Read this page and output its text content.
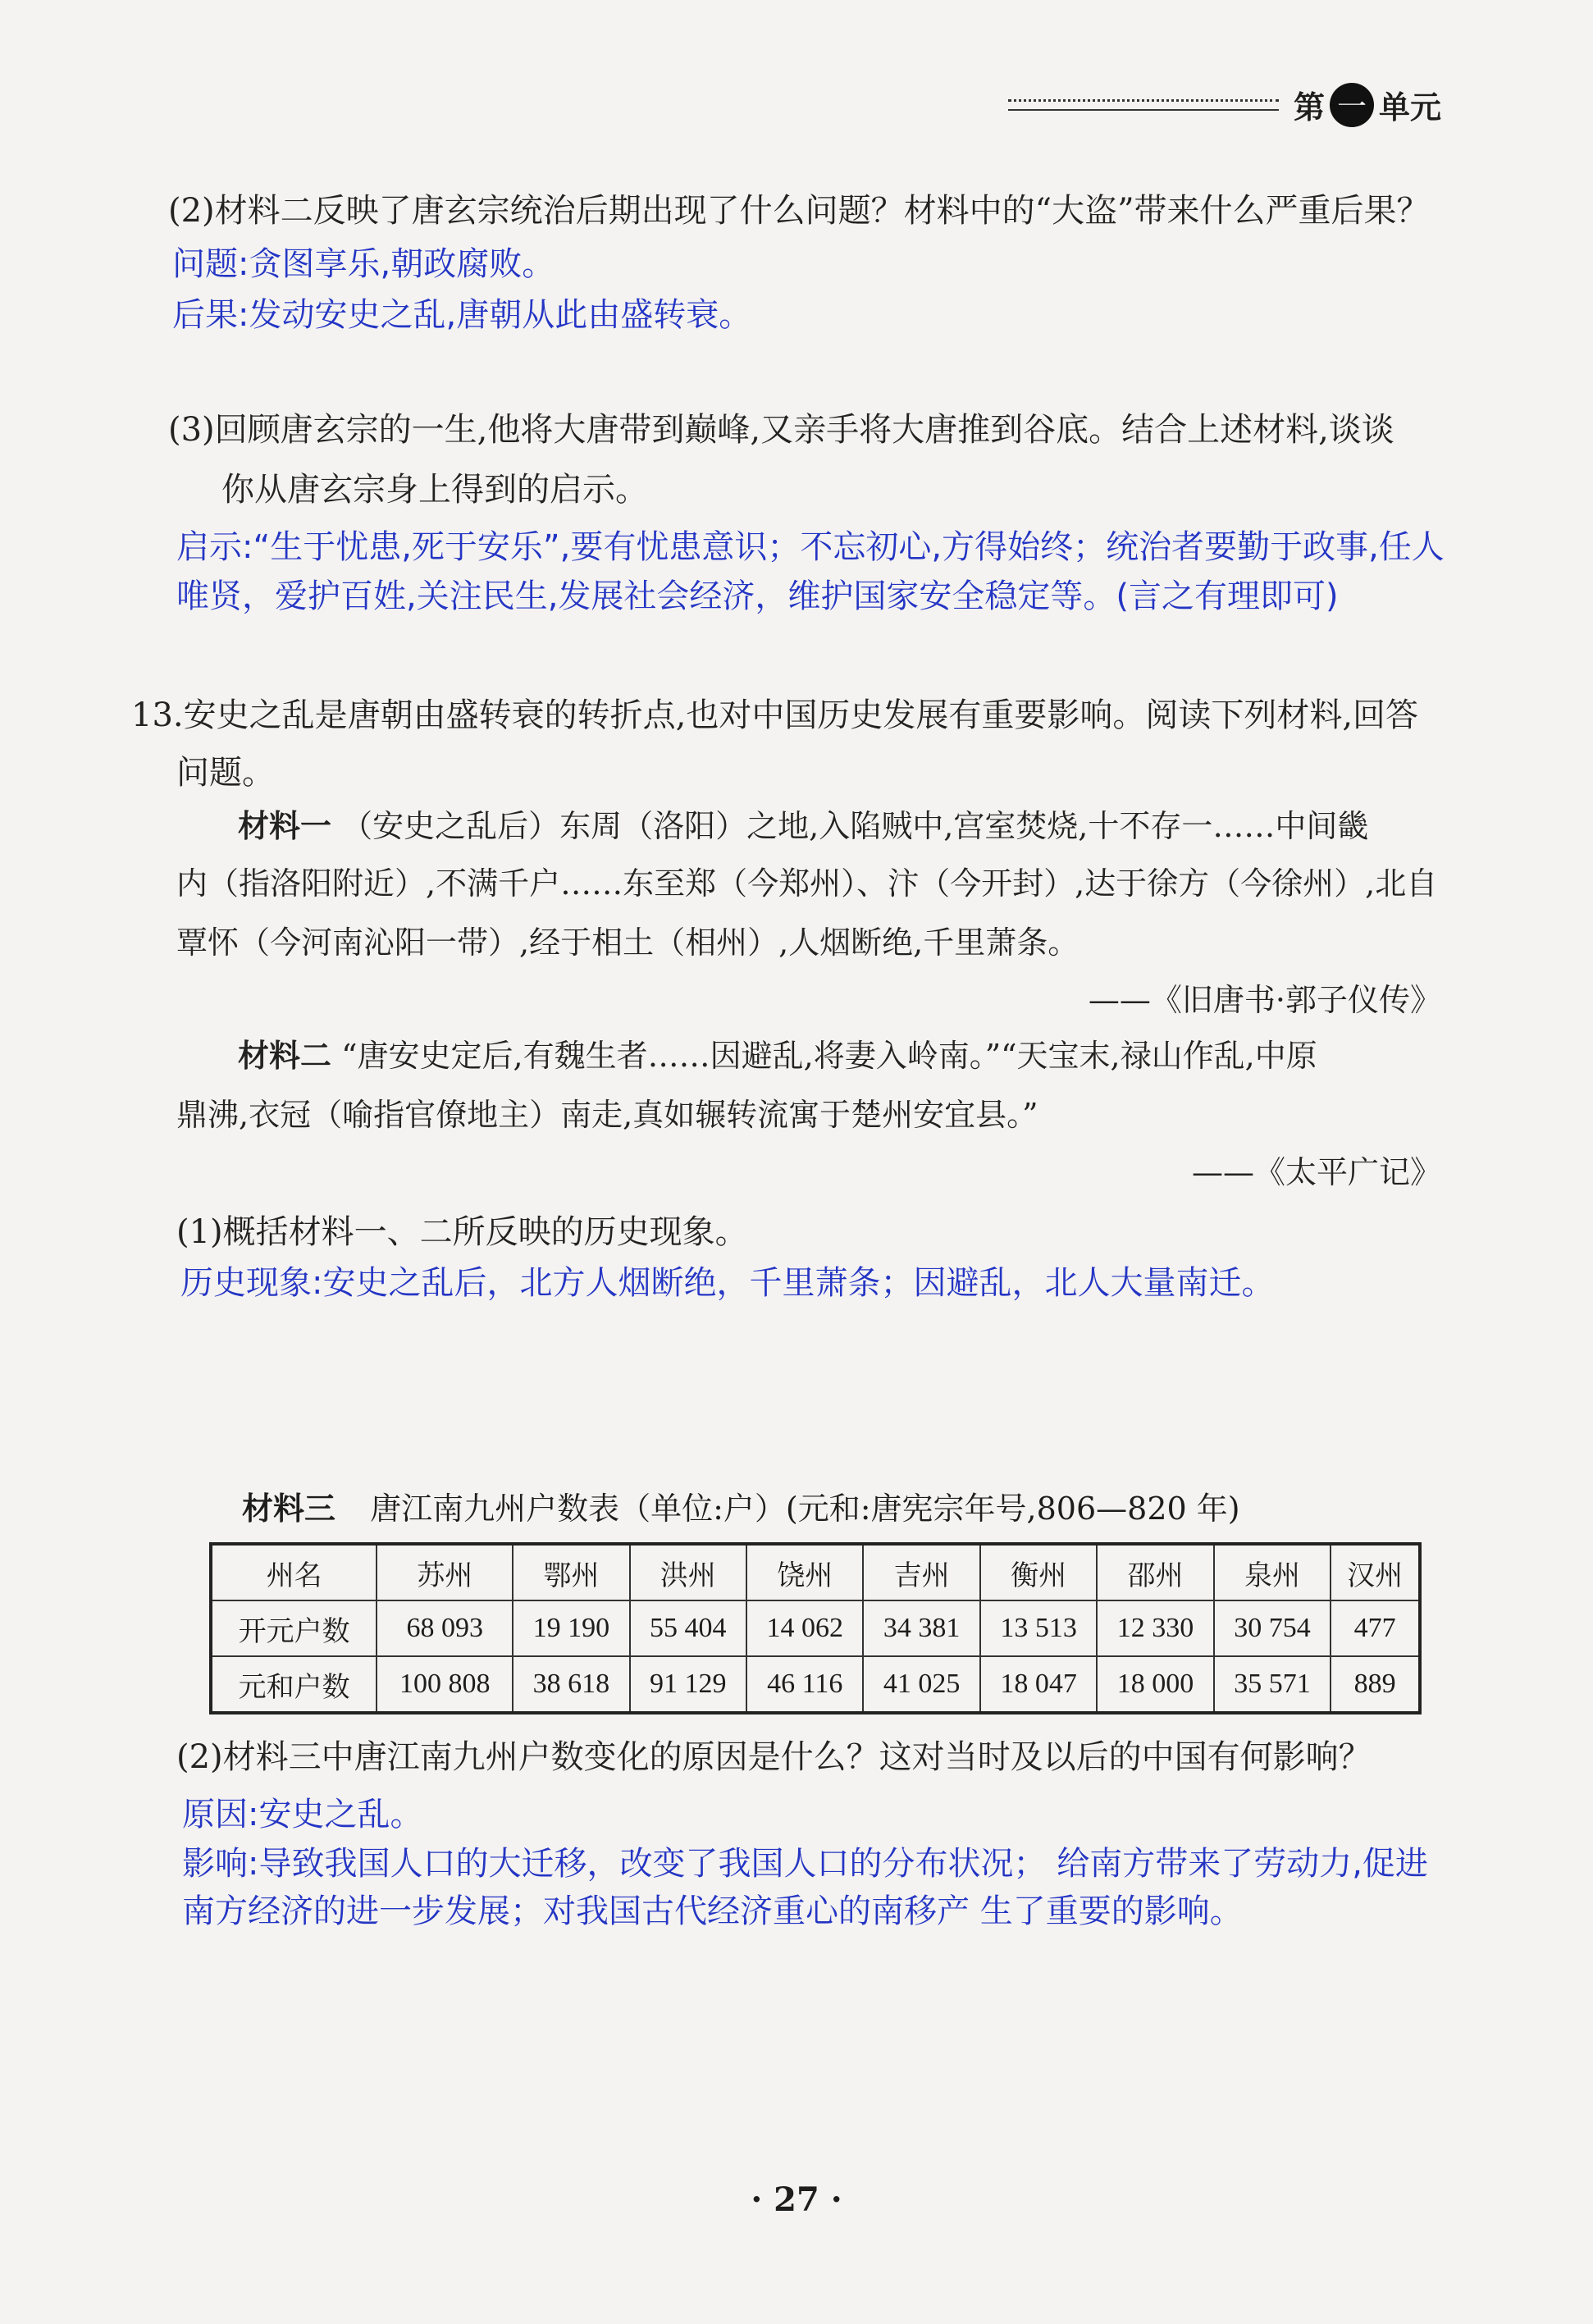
第 一 单元
(2)材料二反映了唐玄宗统治后期出现了什么问题？材料中的“大盗”带来什么严重后果？
问题:贪图享乐,朝政腐败。
后果:发动安史之乱,唐朝从此由盛转衰。
(3)回顾唐玄宗的一生,他将大唐带到巅峰,又亲手将大唐推到谷底。结合上述材料,谈谈
你从唐玄宗身上得到的启示。
启示:“生于忧患,死于安乐”,要有忧患意识；不忘初心,方得始终；统治者要勤于政事,任人
唯贤，爱护百姓,关注民生,发展社会经济，维护国家安全稳定等。(言之有理即可)
13.安史之乱是唐朝由盛转衰的转折点,也对中国历史发展有重要影响。阅读下列材料,回答
问题。
材料一 （安史之乱后）东周（洛阳）之地,入陷贼中,宫室焚烧,十不存一……中间畿
内（指洛阳附近）,不满千户……东至郑（今郑州）、汴（今开封）,达于徐方（今徐州）,北自
覃怀（今河南沁阳一带）,经于相土（相州）,人烟断绝,千里萧条。
——《旧唐书·郭子仪传》
材料二 “唐安史定后,有魏生者……因避乱,将妻入岭南。”“天宝末,禄山作乱,中原
鼎沸,衣冠（喻指官僚地主）南走,真如辗转流寓于楚州安宜县。”
——《太平广记》
(1)概括材料一、二所反映的历史现象。
历史现象:安史之乱后，北方人烟断绝，千里萧条；因避乱，北人大量南迁。
材料三 唐江南九州户数表（单位:户）(元和:唐宪宗年号,806—820 年)
州名	苏州	鄂州	洪州	饶州	吉州	衡州	邵州	泉州	汉州
开元户数	68 093	19 190	55 404	14 062	34 381	13 513	12 330	30 754	477
元和户数	100 808	38 618	91 129	46 116	41 025	18 047	18 000	35 571	889
(2)材料三中唐江南九州户数变化的原因是什么？这对当时及以后的中国有何影响？
原因:安史之乱。
影响:导致我国人口的大迁移，改变了我国人口的分布状况； 给南方带来了劳动力,促进
南方经济的进一步发展；对我国古代经济重心的南移产 生了重要的影响。
· 27 ·
